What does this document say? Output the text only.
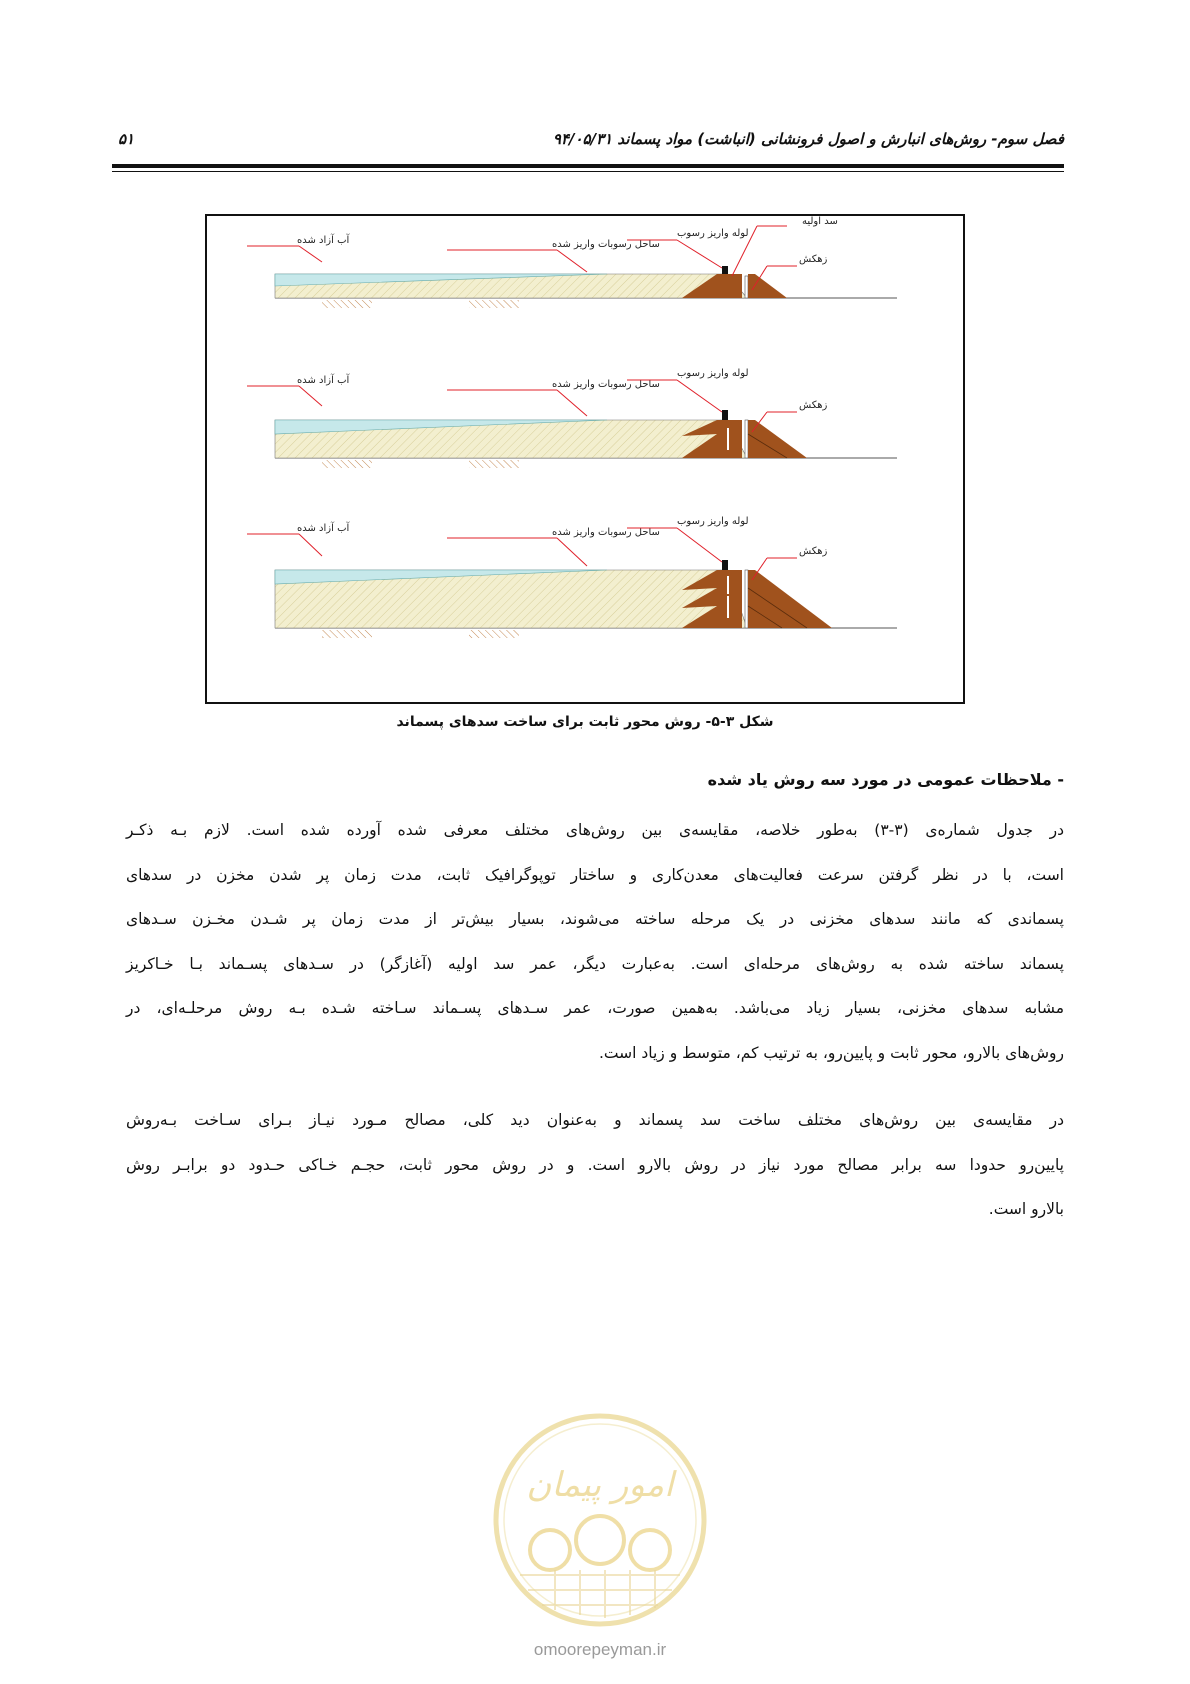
فصل سوم- روش‌های انبارش و اصول فرونشانی (انباشت) مواد پسماند ۹۴/۰۵/۳۱
۵۱
آب آزاد شده	ساحل رسوبات واریز شده
لوله واریز رسوب
سد اولیه
زهکش
آب آزاد شده	ساحل رسوبات واریز شده
لوله واریز رسوب
زهکش
آب آزاد شده	ساحل رسوبات واریز شده
لوله واریز رسوب
زهکش
شکل ۳-۵- روش محور ثابت برای ساخت سدهای پسماند
- ملاحظات عمومی در مورد سه روش یاد شده
در جدول شماره‌ی (۳-۳) به‌طور خلاصه، مقایسه‌ی بین روش‌های مختلف معرفی شده آورده شده است. لازم بـه ذکـر
است، با در نظر گرفتن سرعت فعالیت‌های معدن‌کاری و ساختار توپوگرافیک ثابت، مدت زمان پر شدن مخزن در سدهای
پسماندی که مانند سدهای مخزنی در یک مرحله ساخته می‌شوند، بسیار بیش‌تر از مدت زمان پر شـدن مخـزن سـدهای
پسماند ساخته شده به روش‌های مرحله‌ای است. به‌عبارت دیگر، عمر سد اولیه (آغازگر) در سـدهای پسـماند بـا خـاکریز
مشابه سدهای مخزنی، بسیار زیاد می‌باشد. به‌همین صورت، عمر سـدهای پسـماند سـاخته شـده بـه روش مرحلـه‌ای، در
روش‌های بالارو، محور ثابت و پایین‌رو، به ترتیب کم، متوسط و زیاد است.
در مقایسه‌ی بین روش‌های مختلف ساخت سد پسماند و به‌عنوان دید کلی، مصالح مـورد نیـاز بـرای سـاخت بـه‌روش
پایین‌رو حدودا سه برابر مصالح مورد نیاز در روش بالارو است. و در روش محور ثابت، حجـم خـاکی حـدود دو برابـر روش
بالارو است.
امور پیمان
omoorepeyman.ir
